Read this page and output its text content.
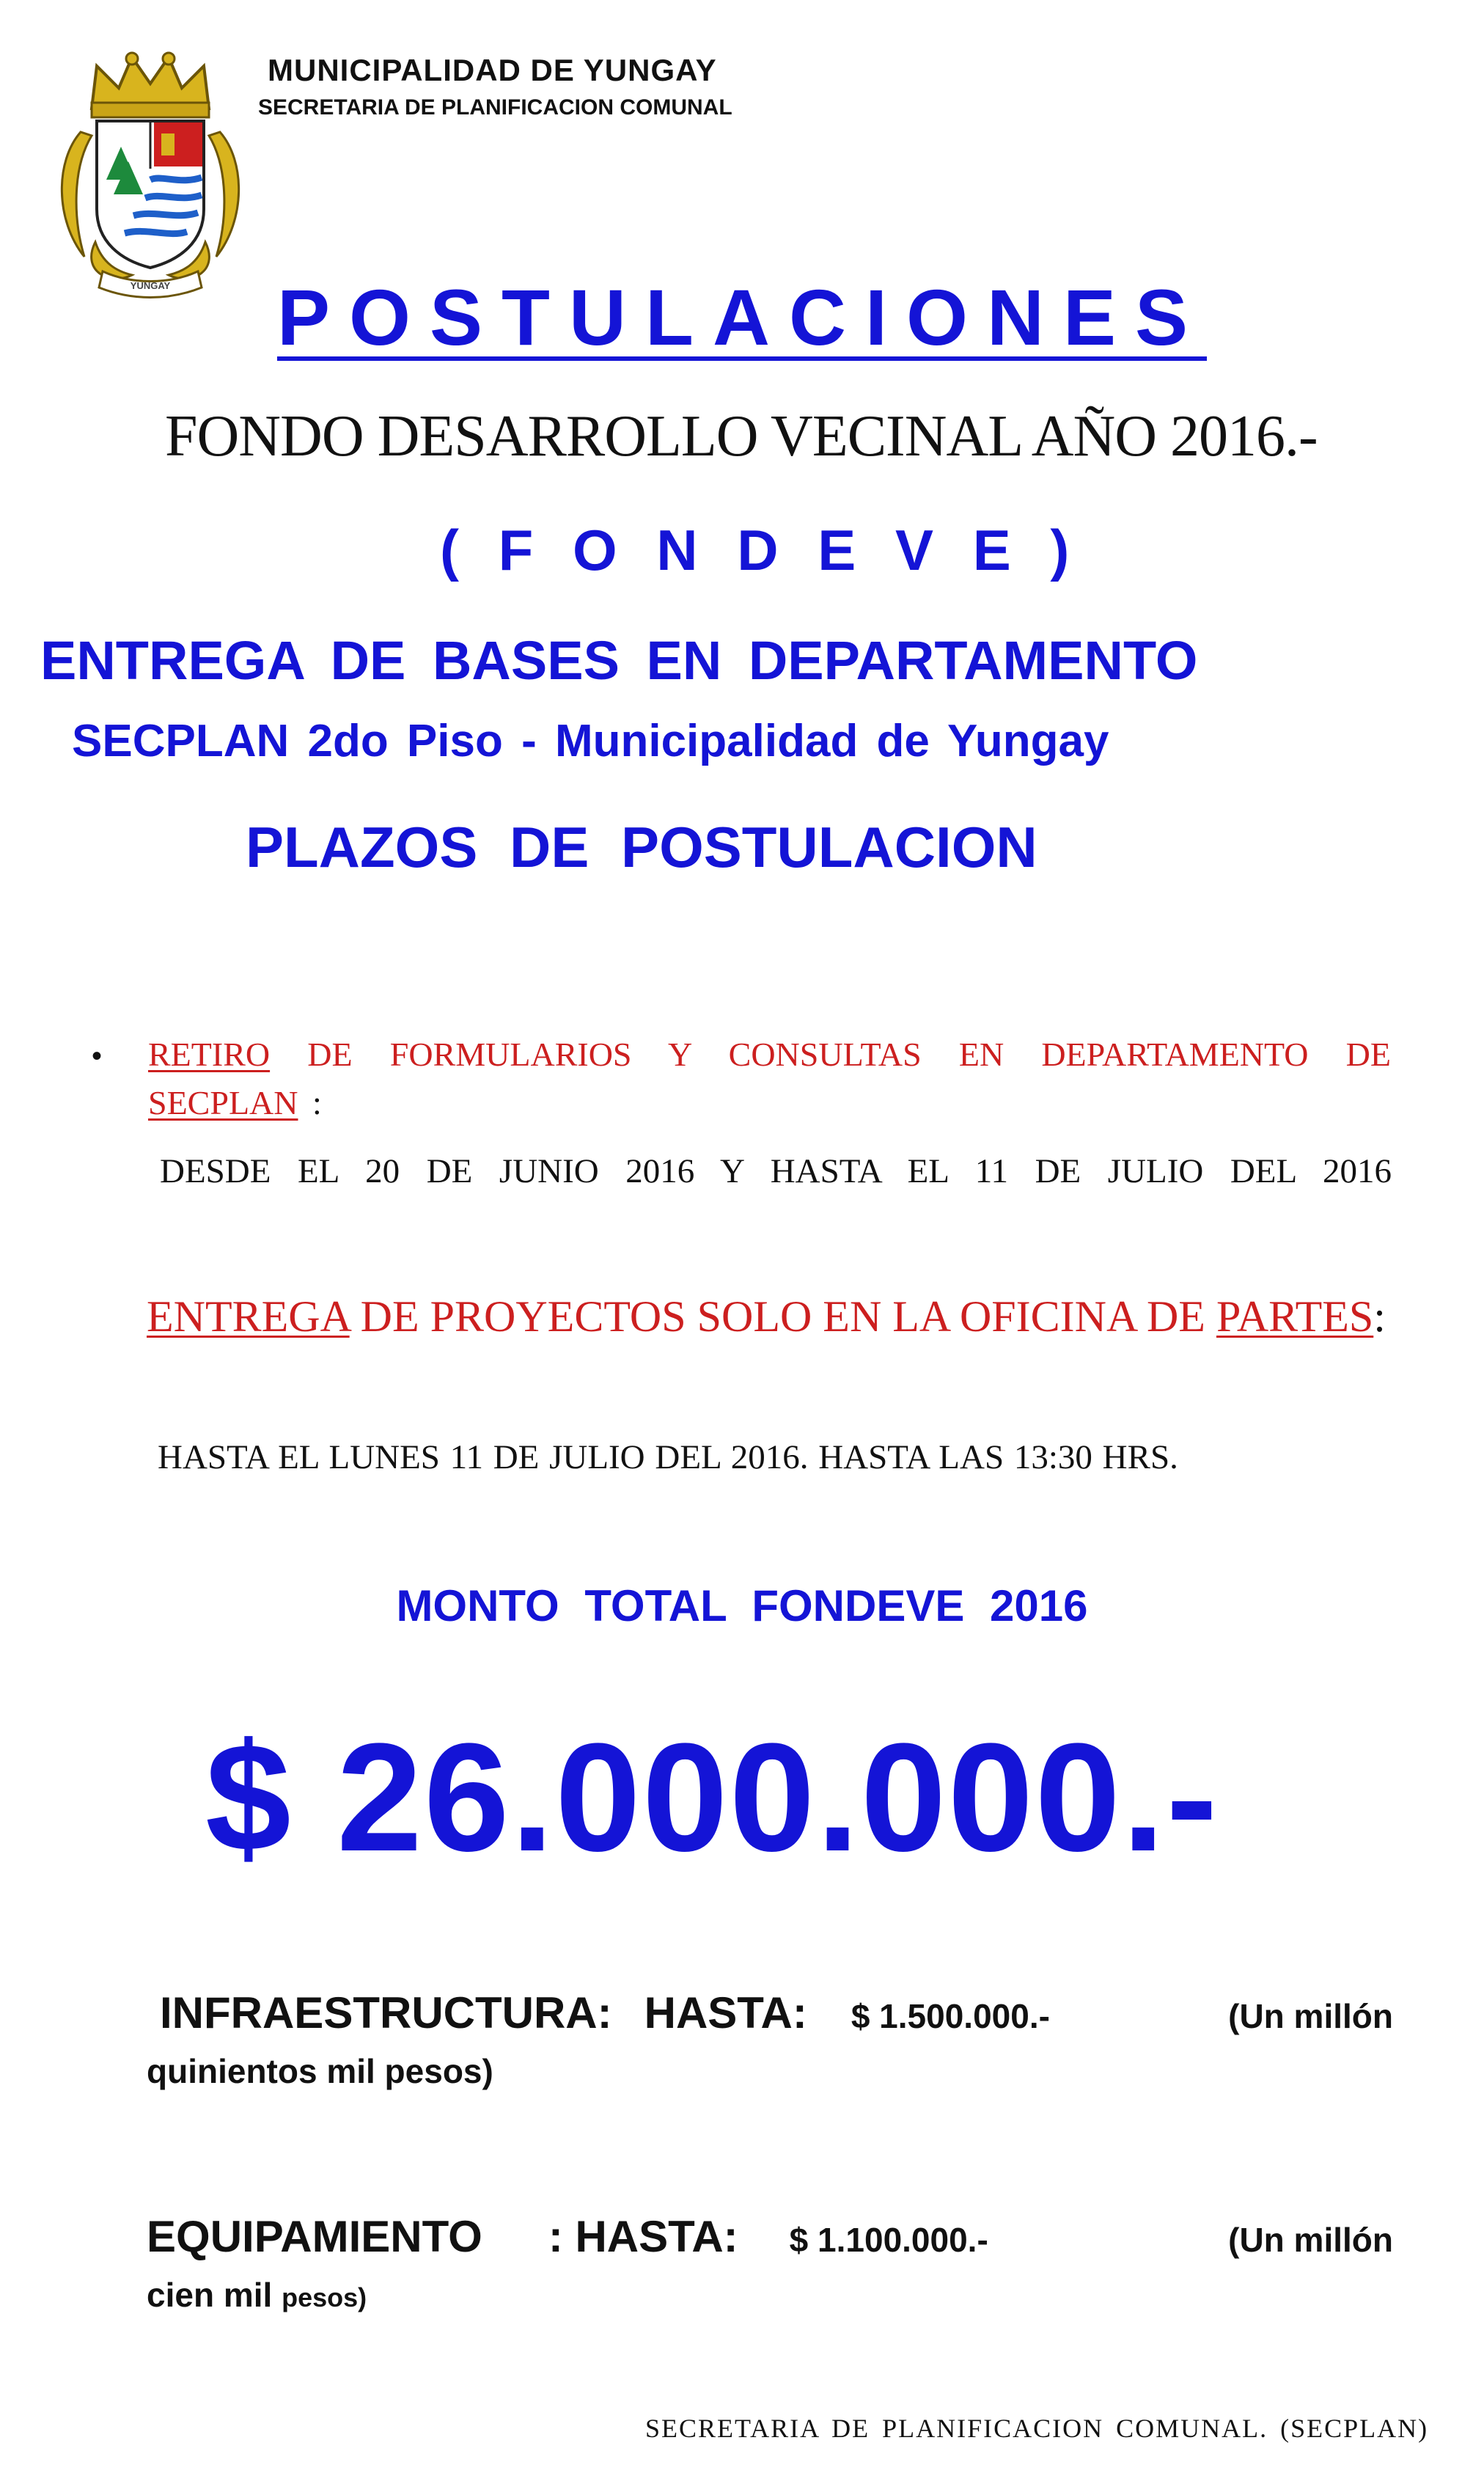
YUNGAY
MUNICIPALIDAD DE YUNGAY
SECRETARIA DE PLANIFICACION COMUNAL
POSTULACIONES
FONDO DESARROLLO VECINAL AÑO 2016.-
( F O N D E V E )
ENTREGA DE BASES EN DEPARTAMENTO
SECPLAN 2do Piso - Municipalidad de Yungay
PLAZOS DE POSTULACION
• RETIRO DE FORMULARIOS Y CONSULTAS EN DEPARTAMENTO DE SECPLAN :
DESDE EL 20 DE JUNIO 2016 Y HASTA EL 11 DE JULIO DEL 2016
ENTREGA DE PROYECTOS SOLO EN LA OFICINA DE PARTES:
HASTA EL LUNES 11 DE JULIO DEL 2016. HASTA LAS 13:30 HRS.
MONTO TOTAL FONDEVE 2016
$ 26.000.000.-
INFRAESTRUCTURA: HASTA: $ 1.500.000.-	(Un millón
quinientos mil pesos)
EQUIPAMIENTO : HASTA: $ 1.100.000.-	(Un millón
cien mil pesos)
SECRETARIA DE PLANIFICACION COMUNAL. (SECPLAN)
